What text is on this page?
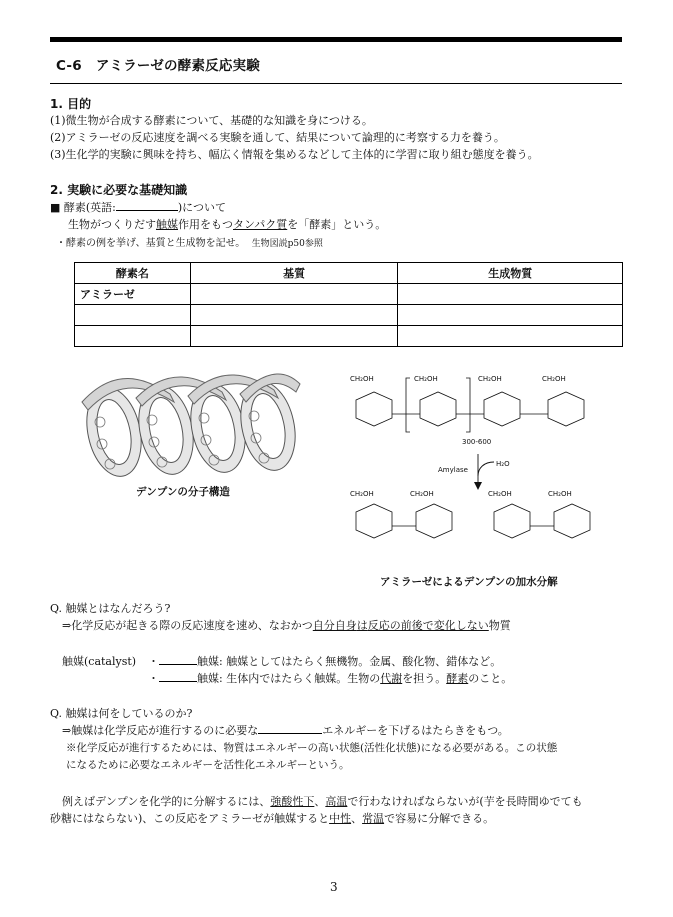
C-6 アミラーゼの酵素反応実験
1. 目的
(1)微生物が合成する酵素について、基礎的な知識を身につける。
(2)アミラーゼの反応速度を調べる実験を通して、結果について論理的に考察する力を養う。
(3)生化学的実験に興味を持ち、幅広く情報を集めるなどして主体的に学習に取り組む態度を養う。
2. 実験に必要な基礎知識
■ 酵素(英語:	)について
生物がつくりだす触媒作用をもつタンパク質を「酵素」という。
・酵素の例を挙げ、基質と生成物を記せ。 生物図説p50参照
酵素名	基質	生成物質
アミラーゼ		

デンプンの分子構造
CH₂OH	CH₂OH	CH₂OH	CH₂OH
300-600
Amylase
H₂O
CH₂OH	CH₂OH	CH₂OH	CH₂OH
アミラーゼによるデンプンの加水分解
Q. 触媒とはなんだろう?
⇒化学反応が起きる際の反応速度を速め、なおかつ自分自身は反応の前後で変化しない物質
触媒(catalyst) ・	触媒: 触媒としてはたらく無機物。金属、酸化物、錯体など。
・	触媒: 生体内ではたらく触媒。生物の代謝を担う。酵素のこと。
Q. 触媒は何をしているのか?
⇒触媒は化学反応が進行するのに必要な	エネルギーを下げるはたらきをもつ。
※化学反応が進行するためには、物質はエネルギーの高い状態(活性化状態)になる必要がある。この状態
になるために必要なエネルギーを活性化エネルギーという。
例えばデンプンを化学的に分解するには、強酸性下、高温で行わなければならないが(芋を長時間ゆでても
砂糖にはならない)、この反応をアミラーゼが触媒すると中性、常温で容易に分解できる。
3
